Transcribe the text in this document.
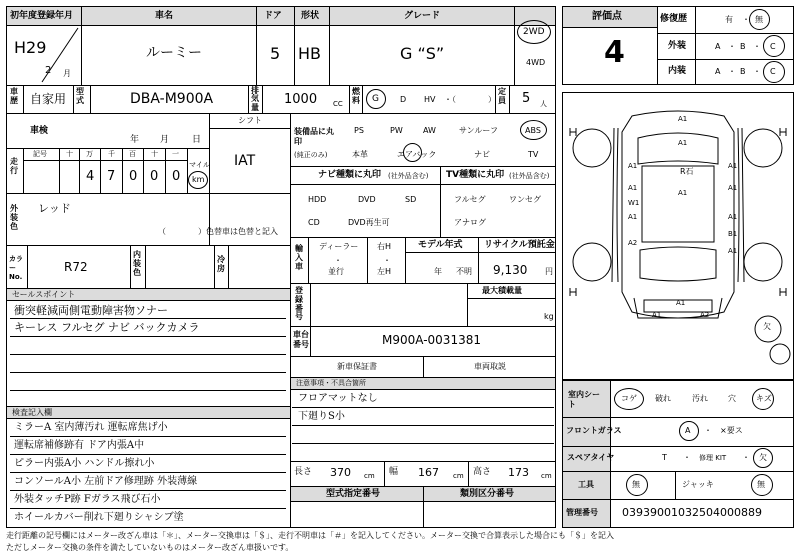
初年度登録年月	車名	ドア 形状	グレード
H29
2 月
ルーミー	5 HB	G “S”
2WD
4WD
車歴 自家用
型式	DBA-M900A
排気量
1000 CC
燃料 G	D HV ・（　　　　）
定員 5 人
車検
年 月	日
走行
記号	十 万 千 百 十 一
4 7 0 0 0
マイル
km
シフト
IAT
外装色
レッド
（　　　　）色替車は色替と記入
カラーNo.
R72
内装色
冷房
セールスポイント
衝突軽減両側電動障害物ソナー
キーレス フルセグ ナビ バックカメラ
検査記入欄
ミラーA 室内薄汚れ 運転席焦げ小
運転席補修跡有 ドア内張A中
ピラー内張A小 ハンドル擦れ小
コンソールA小 左前ドア修理跡 外装薄線
外装タッチP跡 Fガラス飛び石小
ホイールカバー削れ下廻りシャシブ塗
装備品に丸印
(純正のみ)
PS	PW	AW	サンルーフ	ABS
本革	エアバック	ナビ	TV
ナビ種類に丸印 (社外品含む) TV種類に丸印 (社外品含む)
HDD	DVD	SD
CD	DVD再生可
フルセグ	ワンセグ
アナログ
輸入車
ディーラー
・
並行
右H
・
左H
モデル年式
年 不明
リサイクル預託金
9,130 円
登録番号
最大積載量
kg
車台番号	M900A-0031381
新車保証書	車両取説
注意事項・不具合箇所
フロアマットなし
下廻りS小
長さ 370 cm 幅 167 cm 高さ 173 cm
型式指定番号	類別区分番号
走行距離の記号欄にはメーター改ざん車は「＊」、メーター交換車は「＄」、走行不明車は「＃」を記入してください。メーター交換で合算表示した場合にも「＄」を記入
ただしメーター交換の条件を満たしていないものはメーター改ざん車扱いです。
評価点
4
修復歴	有 ・ 無
外装	A ・ B ・ C
内装	A ・ B ・ C
A1
A1
A1	A1
R石
A1
A1	A1
W1
A1	A1
B1
A2
A1
A1	A2
A1
欠
室内シート
コゲ 破れ	汚れ	穴	キズ
フロントガラス	A ・ ×要ス
スペアタイヤ	T ・ 修理 KIT ・ 欠
工具	無	ジャッキ	無
管理番号 03939001032504000889
